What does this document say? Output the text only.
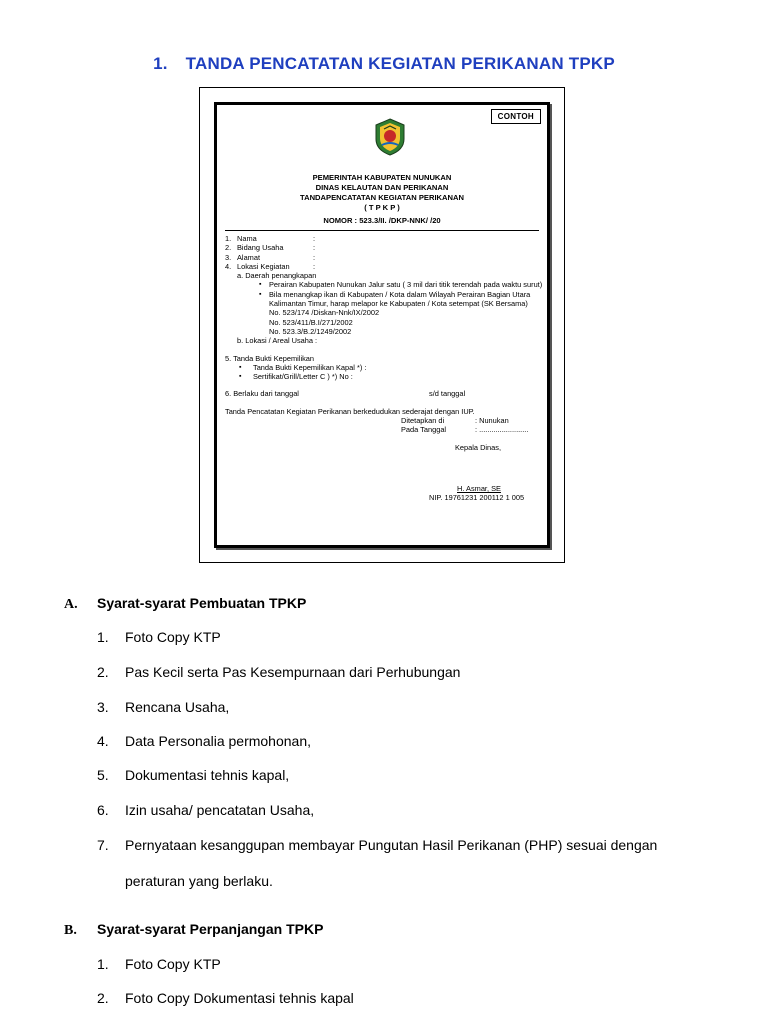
1. TANDA PENCATATAN KEGIATAN PERIKANAN TPKP
CONTOH
PEMERINTAH KABUPATEN NUNUKAN
DINAS KELAUTAN DAN PERIKANAN
TANDAPENCATATAN KEGIATAN PERIKANAN
( T P K P )
NOMOR : 523.3/II. /DKP-NNK/ /20
1. Nama	:
2. Bidang Usaha	:
3. Alamat	:
4. Lokasi Kegiatan	:
a. Daerah penangkapan
▪ Perairan Kabupaten Nunukan Jalur satu ( 3 mil dari titik terendah pada waktu surut)
▪ Bila menangkap ikan di Kabupaten / Kota dalam Wilayah Perairan Bagian Utara Kalimantan Timur, harap melapor ke Kabupaten / Kota setempat (SK Bersama)
No. 523/174 /Diskan-Nnk/IX/2002
No. 523/411/B.I/271/2002
No. 523.3/B.2/1249/2002
b. Lokasi / Areal Usaha :
5. Tanda Bukti Kepemilikan
▪ Tanda Bukti Kepemilikan Kapal *) :
▪ Sertifikat/Grill/Letter C ) *) No :
6. Berlaku dari tanggal	s/d tanggal
Tanda Pencatatan Kegiatan Perikanan berkedudukan sederajat dengan IUP.
Ditetapkan di	: Nunukan
Pada Tanggal	: ........................
Kepala Dinas,
H. Asmar, SE
NIP. 19761231 200112 1 005
A. Syarat-syarat Pembuatan TPKP
1. Foto Copy KTP
2. Pas Kecil serta Pas Kesempurnaan dari Perhubungan
3. Rencana Usaha,
4. Data Personalia permohonan,
5. Dokumentasi tehnis kapal,
6. Izin usaha/ pencatatan Usaha,
7. Pernyataan kesanggupan membayar Pungutan Hasil Perikanan (PHP) sesuai dengan
peraturan yang berlaku.
B. Syarat-syarat Perpanjangan TPKP
1. Foto Copy KTP
2. Foto Copy Dokumentasi tehnis kapal
